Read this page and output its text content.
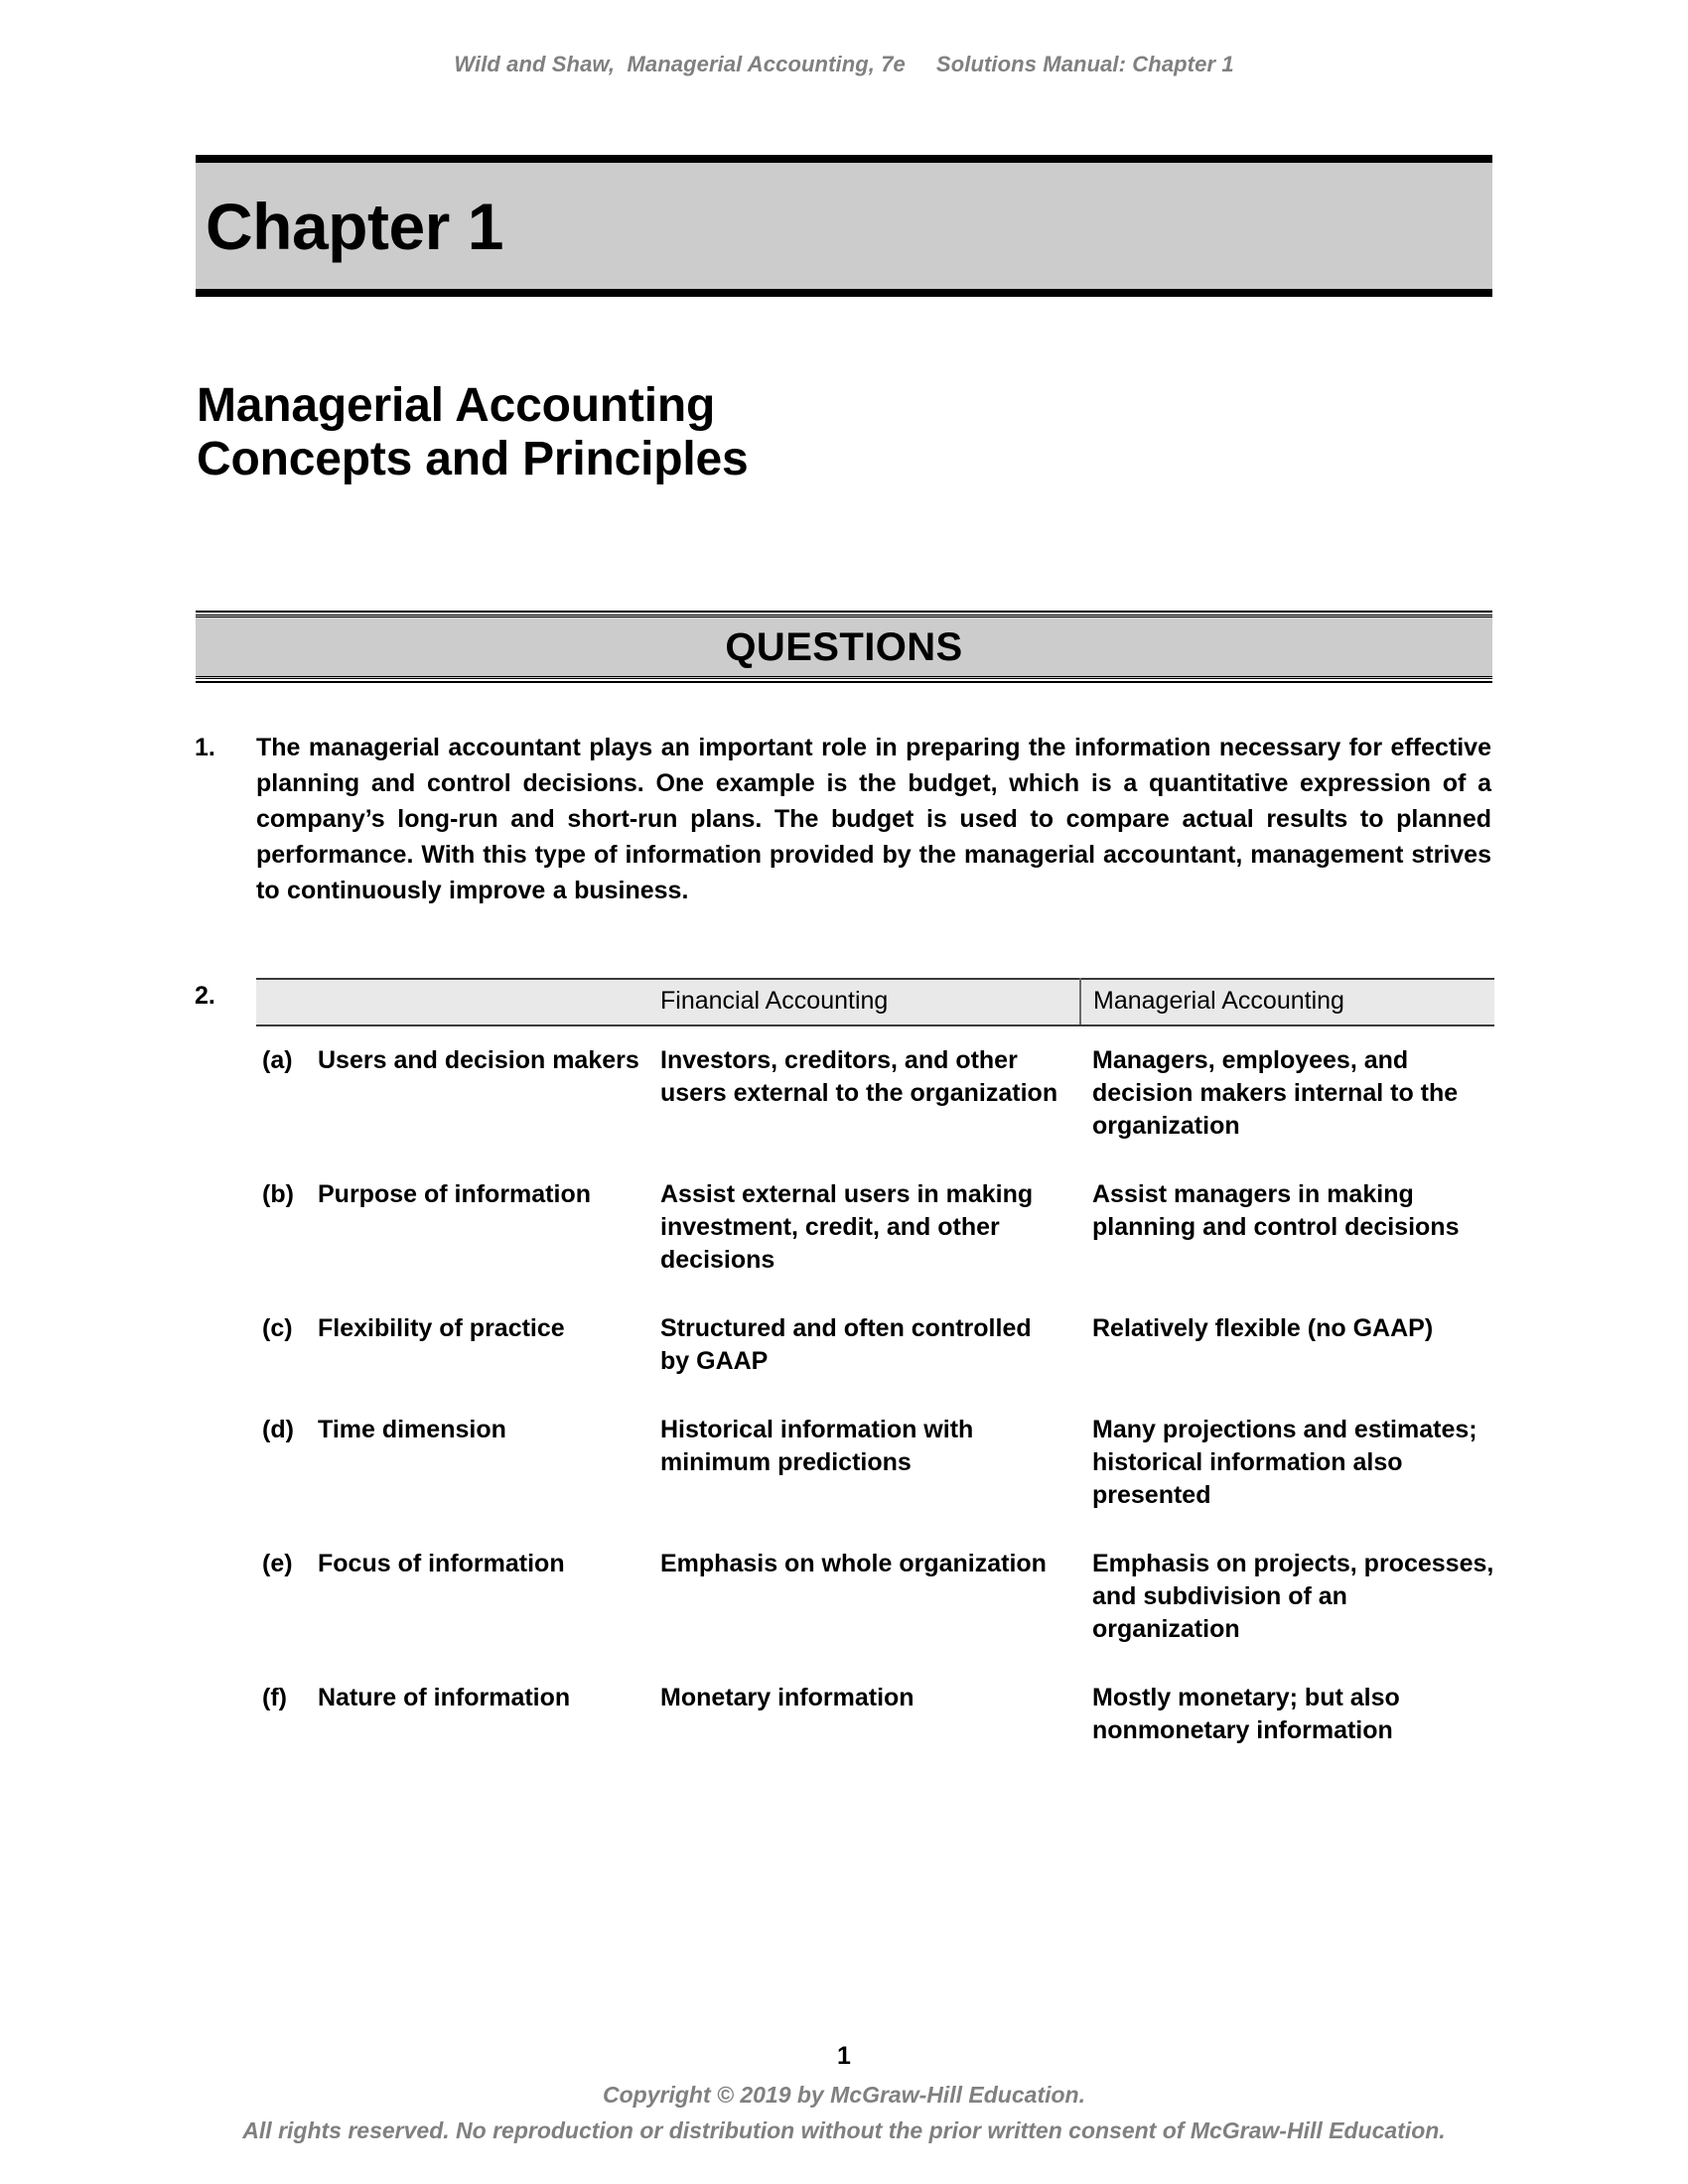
Wild and Shaw,  Managerial Accounting, 7e     Solutions Manual: Chapter 1
Chapter 1
Managerial Accounting
Concepts and Principles
QUESTIONS
1.	The managerial accountant plays an important role in preparing the information necessary for effective planning and control decisions. One example is the budget, which is a quantitative expression of a company’s long-run and short-run plans. The budget is used to compare actual results to planned performance. With this type of information provided by the managerial accountant, management strives to continuously improve a business.
2.
		Financial Accounting	Managerial Accounting

(a) Users and decision makers	Investors, creditors, and other users external to the organization	Managers, employees, and decision makers internal to the organization

(b) Purpose of information	Assist external users in making investment, credit, and other decisions	Assist managers in making planning and control decisions

(c) Flexibility of practice	Structured and often controlled by GAAP	Relatively flexible (no GAAP)

(d) Time dimension	Historical information with minimum predictions	Many projections and estimates; historical information also presented

(e) Focus of information	Emphasis on whole organization	Emphasis on projects, processes, and subdivision of an organization

(f) Nature of information	Monetary information	Mostly monetary; but also nonmonetary information
1
Copyright © 2019 by McGraw-Hill Education.
All rights reserved. No reproduction or distribution without the prior written consent of McGraw-Hill Education.
